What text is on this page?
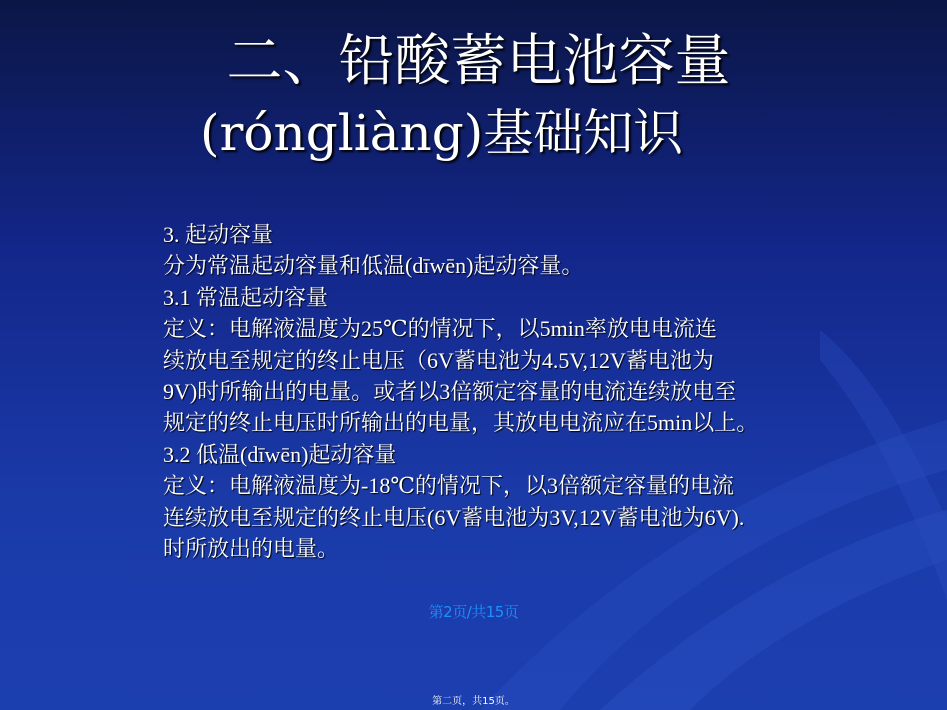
二、铅酸蓄电池容量
(róngliàng)基础知识
3. 起动容量
分为常温起动容量和低温(dīwēn)起动容量。
3.1 常温起动容量
定义：电解液温度为25℃的情况下，以5min率放电电流连
续放电至规定的终止电压（6V蓄电池为4.5V,12V蓄电池为
9V)时所输出的电量。或者以3倍额定容量的电流连续放电至
规定的终止电压时所输出的电量，其放电电流应在5min以上。
3.2 低温(dīwēn)起动容量
定义：电解液温度为-18℃的情况下，以3倍额定容量的电流
连续放电至规定的终止电压(6V蓄电池为3V,12V蓄电池为6V).
时所放出的电量。
第2页/共15页
第二页，共15页。
